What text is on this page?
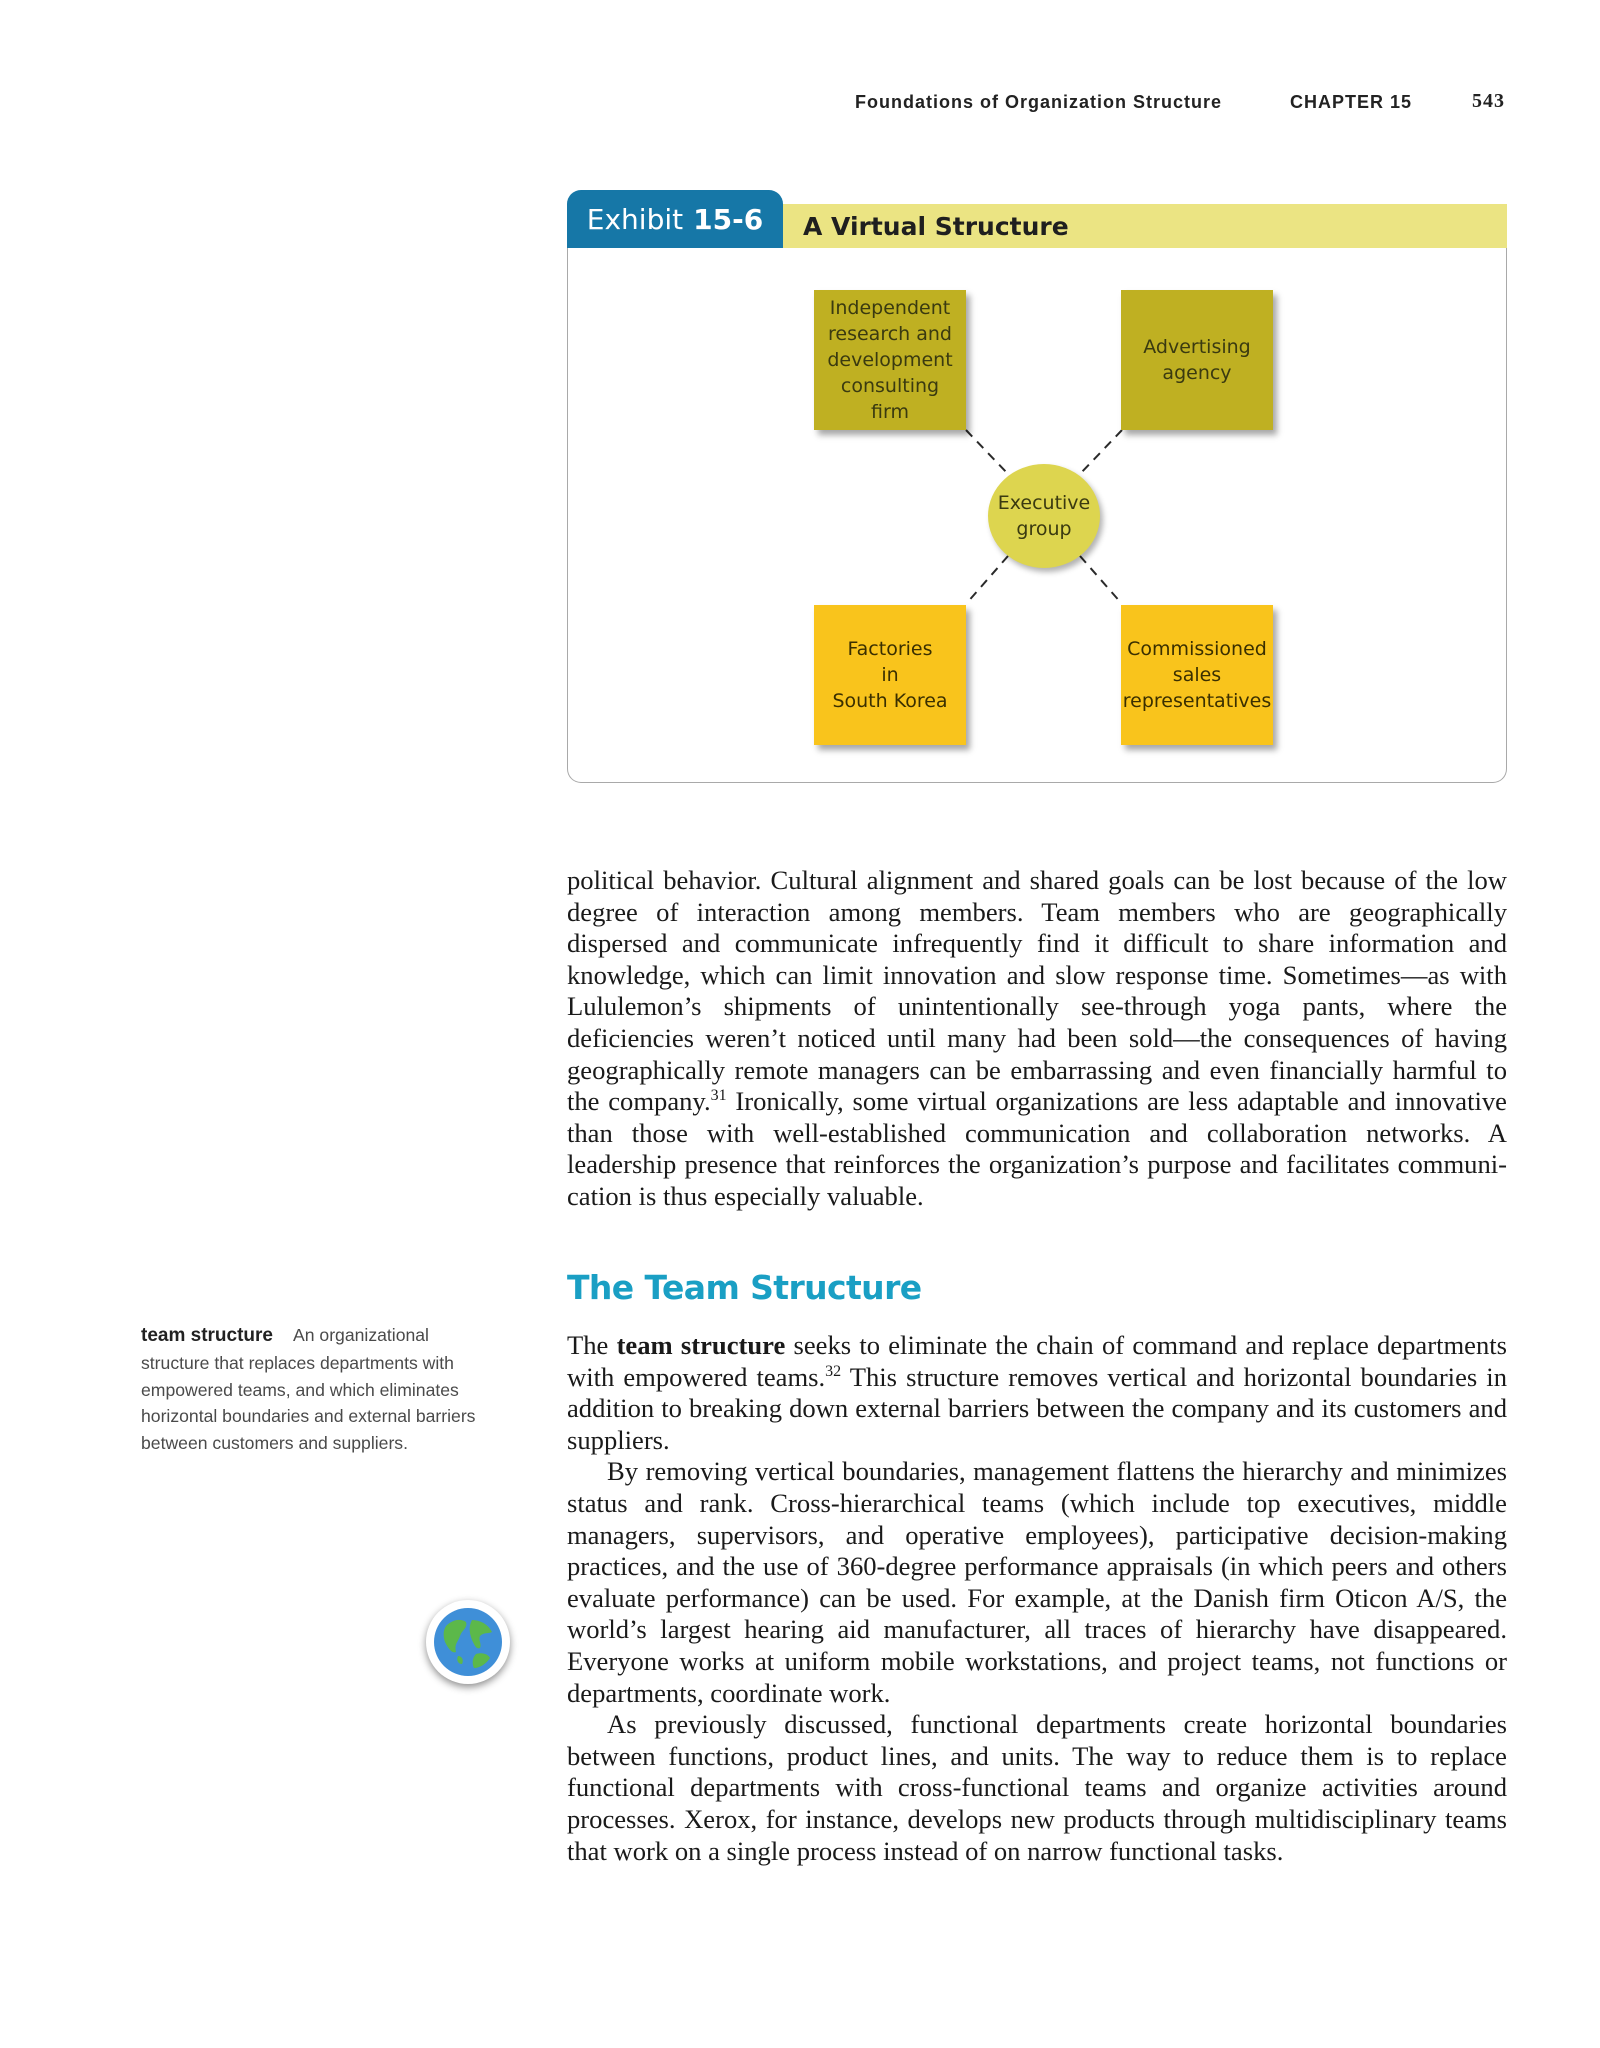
Foundations of Organization Structure	CHAPTER 15	543
Exhibit 15-6 A Virtual Structure
Independent
research and
development
consulting
firm
Advertising
agency
Executive
group
Factories
in
South Korea
Commissioned
sales
representatives

political behavior. Cultural alignment and shared goals can be lost because of the low degree of interaction among members. Team members who are geographically dispersed and communicate infrequently find it difficult to share information and knowledge, which can limit innovation and slow response time. Sometimes—as with Lululemon’s shipments of unintentionally see-through yoga pants, where the deficiencies weren’t noticed until many had been sold—the consequences of having geographically remote managers can be embarrassing and even financially harmful to the company.$^{31}$ Ironically, some virtual organizations are less adaptable and innovative than those with well-established communication and collaboration networks. A leadership presence that reinforces the organization’s purpose and facilitates communication is thus especially valuable.

The Team Structure

The team structure seeks to eliminate the chain of command and replace departments with empowered teams.$^{32}$ This structure removes vertical and horizontal boundaries in addition to breaking down external barriers between the company and its customers and suppliers.

By removing vertical boundaries, management flattens the hierarchy and minimizes status and rank. Cross-hierarchical teams (which include top executives, middle managers, supervisors, and operative employees), participative decision-making practices, and the use of 360-degree performance appraisals (in which peers and others evaluate performance) can be used. For example, at the Danish firm Oticon A/S, the world’s largest hearing aid manufacturer, all traces of hierarchy have disappeared. Everyone works at uniform mobile workstations, and project teams, not functions or departments, coordinate work.

As previously discussed, functional departments create horizontal boundaries between functions, product lines, and units. The way to reduce them is to replace functional departments with cross-functional teams and organize activities around processes. Xerox, for instance, develops new products through multidisciplinary teams that work on a single process instead of on narrow functional tasks.

team structure An organizational structure that replaces departments with empowered teams, and which eliminates horizontal boundaries and external barriers between customers and suppliers.
